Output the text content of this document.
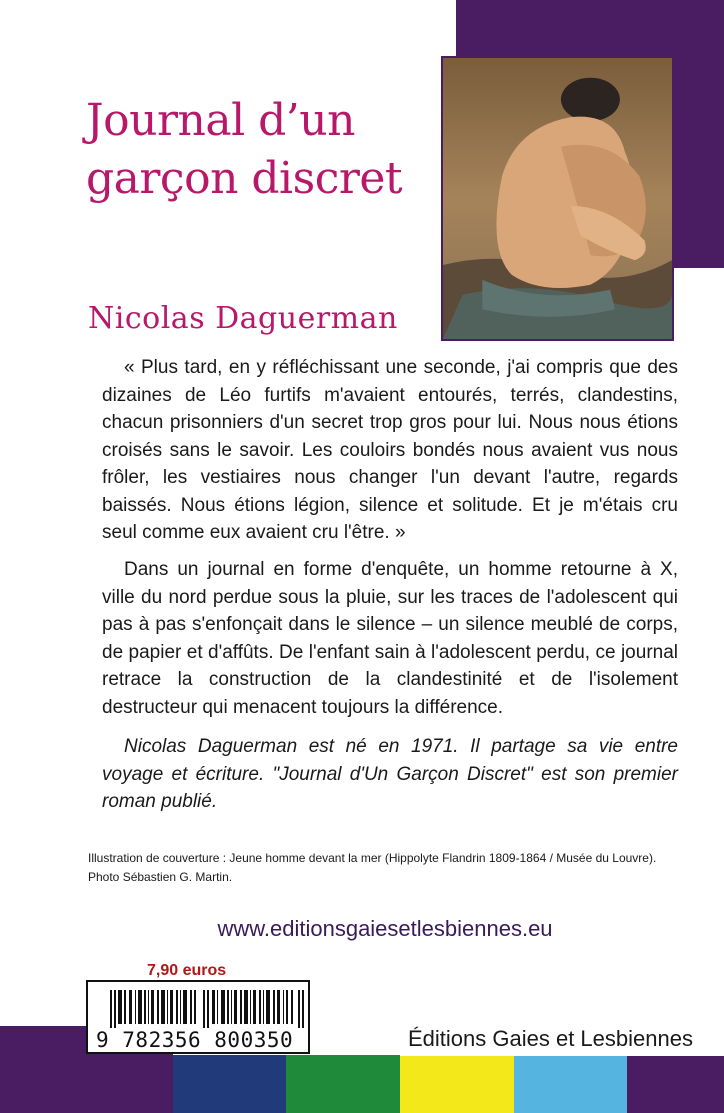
Journal d’un
garçon discret
Nicolas Daguerman
« Plus tard, en y réfléchissant une seconde, j'ai compris que des dizaines de Léo furtifs m'avaient entourés, terrés, clandestins, chacun prisonniers d'un secret trop gros pour lui. Nous nous étions croisés sans le savoir. Les couloirs bondés nous avaient vus nous frôler, les vestiaires nous changer l'un devant l'autre, regards baissés. Nous étions légion, silence et solitude. Et je m'étais cru seul comme eux avaient cru l'être. »
Dans un journal en forme d'enquête, un homme retourne à X, ville du nord perdue sous la pluie, sur les traces de l'adolescent qui pas à pas s'enfonçait dans le silence – un silence meublé de corps, de papier et d'affûts. De l'enfant sain à l'adolescent perdu, ce journal retrace la construction de la clandestinité et de l'isolement destructeur qui menacent toujours la différence.
Nicolas Daguerman est né en 1971. Il partage sa vie entre voyage et écriture. "Journal d'Un Garçon Discret" est son premier roman publié.
Illustration de couverture : Jeune homme devant la mer (Hippolyte Flandrin 1809-1864 / Musée du Louvre). Photo Sébastien G. Martin.
www.editionsgaiesetlesbiennes.eu
7,90 euros
9 782356 800350	Éditions Gaies et Lesbiennes
